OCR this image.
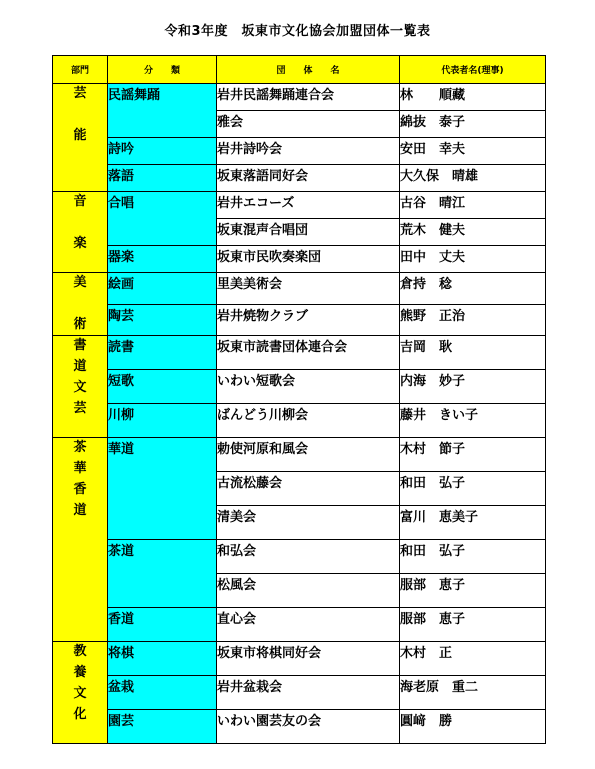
令和3年度　坂東市文化協会加盟団体一覧表
部門	分　　類	団　　体　　名	代表者名(理事)
芸

能	民謡舞踊	岩井民謡舞踊連合会	林　　順藏
		雅会	綿抜　泰子
	詩吟	岩井詩吟会	安田　幸夫
	落語	坂東落語同好会	大久保　晴雄
音

楽	合唱	岩井エコーズ	古谷　晴江
		坂東混声合唱団	荒木　健夫
	器楽	坂東市民吹奏楽団	田中　丈夫
美

術	絵画	里美美術会	倉持　稔
	陶芸	岩井焼物クラブ	熊野　正治
書
道
文
芸	読書	坂東市読書団体連合会	吉岡　耿
	短歌	いわい短歌会	内海　妙子
	川柳	ばんどう川柳会	藤井　きい子
茶
華
香
道	華道	勅使河原和風会	木村　節子
		古流松藤会	和田　弘子
		清美会	富川　恵美子
	茶道	和弘会	和田　弘子
		松風会	服部　恵子
	香道	直心会	服部　恵子
教
養
文
化	将棋	坂東市将棋同好会	木村　正
	盆栽	岩井盆栽会	海老原　重二
	園芸	いわい園芸友の会	圓﨑　勝
